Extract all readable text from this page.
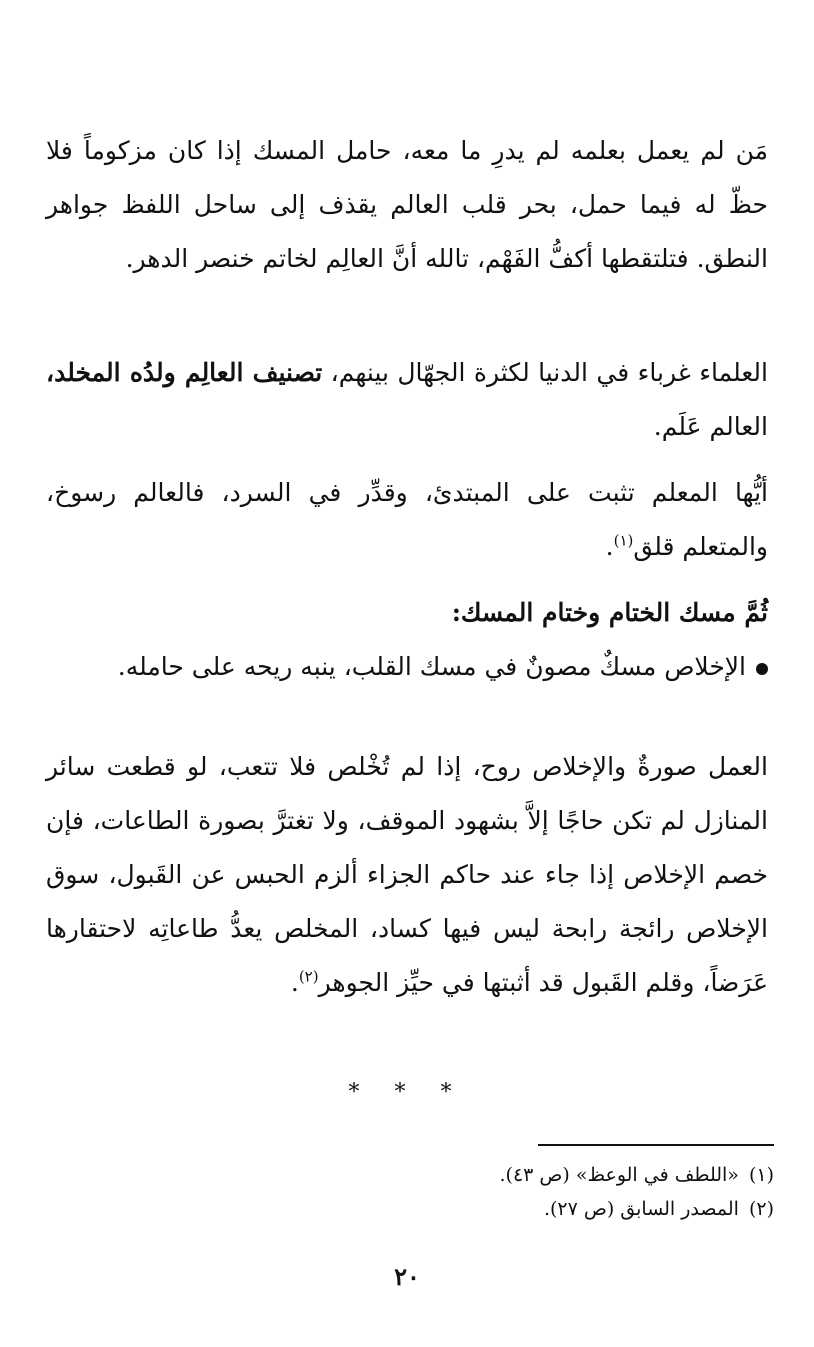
مَن لم يعمل بعلمه لم يدرِ ما معه، حامل المسك إذا كان مزكوماً فلا حظّ له فيما حمل، بحر قلب العالم يقذف إلى ساحل اللفظ جواهر النطق. فتلتقطها أكفُّ الفَهْم، تالله أنَّ العالِم لخاتم خنصر الدهر.

العلماء غرباء في الدنيا لكثرة الجهّال بينهم، تصنيف العالِم ولدُه المخلد، العالم عَلَم.

أيُّها المعلم تثبت على المبتدئ، وقدِّر في السرد، فالعالم رسوخ، والمتعلم قلق$^{(١)}$.

ثُمَّ مسك الختام وختام المسك:

الإخلاص مسكٌ مصونٌ في مسك القلب، ينبه ريحه على حامله.

العمل صورةٌ والإخلاص روح، إذا لم تُخْلص فلا تتعب، لو قطعت سائر المنازل لم تكن حاجًا إلاَّ بشهود الموقف، ولا تغترَّ بصورة الطاعات، فإن خصم الإخلاص إذا جاء عند حاكم الجزاء ألزم الحبس عن القَبول، سوق الإخلاص رائجة رابحة ليس فيها كساد، المخلص يعدُّ طاعاتِه لاحتقارها عَرَضاً، وقلم القَبول قد أثبتها في حيِّز الجوهر$^{(٢)}$.

* * *
(١)«اللطف في الوعظ» (ص ٤٣).
(٢)المصدر السابق (ص ٢٧).
٢٠
